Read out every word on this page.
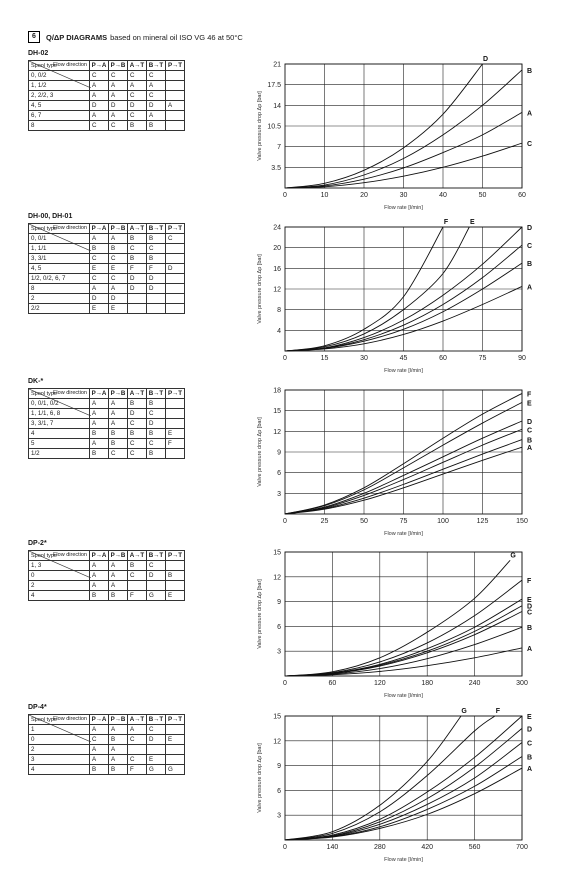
6	Q/ΔP DIAGRAMS based on mineral oil ISO VG 46 at 50°C
DH-02
Flow direction
Spool type	P→A	P→B	A→T	B→T	P→T
0, 0/2	C	C	C	C	
1, 1/2	A	A	A	A	
2, 2/2, 3	A	A	C	C	
4, 5	D	D	D	D	A
6, 7	A	A	C	A	
8	C	C	B	B	
0	10	20	30	40	50	60
3.5
7
10.5
14
17.5
21
Flow rate [l/min]
Valve pressure drop Δp [bar]
D
B
A
C
DH-00, DH-01
Flow direction
Spool type	P→A	P→B	A→T	B→T	P→T
0, 0/1	A	A	B	B	C
1, 1/1	B	B	C	C	
3, 3/1	C	C	B	B	
4, 5	E	E	F	F	D
1/2, 0/2, 6, 7	C	C	D	D	
8	A	A	D	D	
2	D	D			
2/2	E	E			
0	15	30	45	60	75	90
4
8
12
16
20
24
Flow rate [l/min]
Valve pressure drop Δp [bar]
F	E
D
C
B
A
DK-*
Flow direction
Spool type	P→A	P→B	A→T	B→T	P→T
0, 0/1, 0/2	A	A	B	B	
1, 1/1, 6, 8	A	A	D	C	
3, 3/1, 7	A	A	C	D	
4	B	B	B	B	E
5	A	B	C	C	F
1/2	B	C	C	B	
0	25	50	75	100	125	150
3
6
9
12
15
18
Flow rate [l/min]
Valve pressure drop Δp [bar]
F
E
D
C
B
A
DP-2*
Flow direction
Spool type	P→A	P→B	A→T	B→T	P→T
1, 3	A	A	B	C	
0	A	A	C	D	B
2	A	A			
4	B	B	F	G	E
0	60	120	180	240	300
3
6
9
12
15
Flow rate [l/min]
Valve pressure drop Δp [bar]
G
F
E
D
C
B
A
DP-4*
Flow direction
Spool type	P→A	P→B	A→T	B→T	P→T
1	A	A	A	C	
0	C	B	C	D	E
2	A	A			
3	A	A	C	E	
4	B	B	F	G	G
0	140	280	420	560	700
3
6
9
12
15
Flow rate [l/min]
Valve pressure drop Δp [bar]
G	F
E
D
C
B
A
